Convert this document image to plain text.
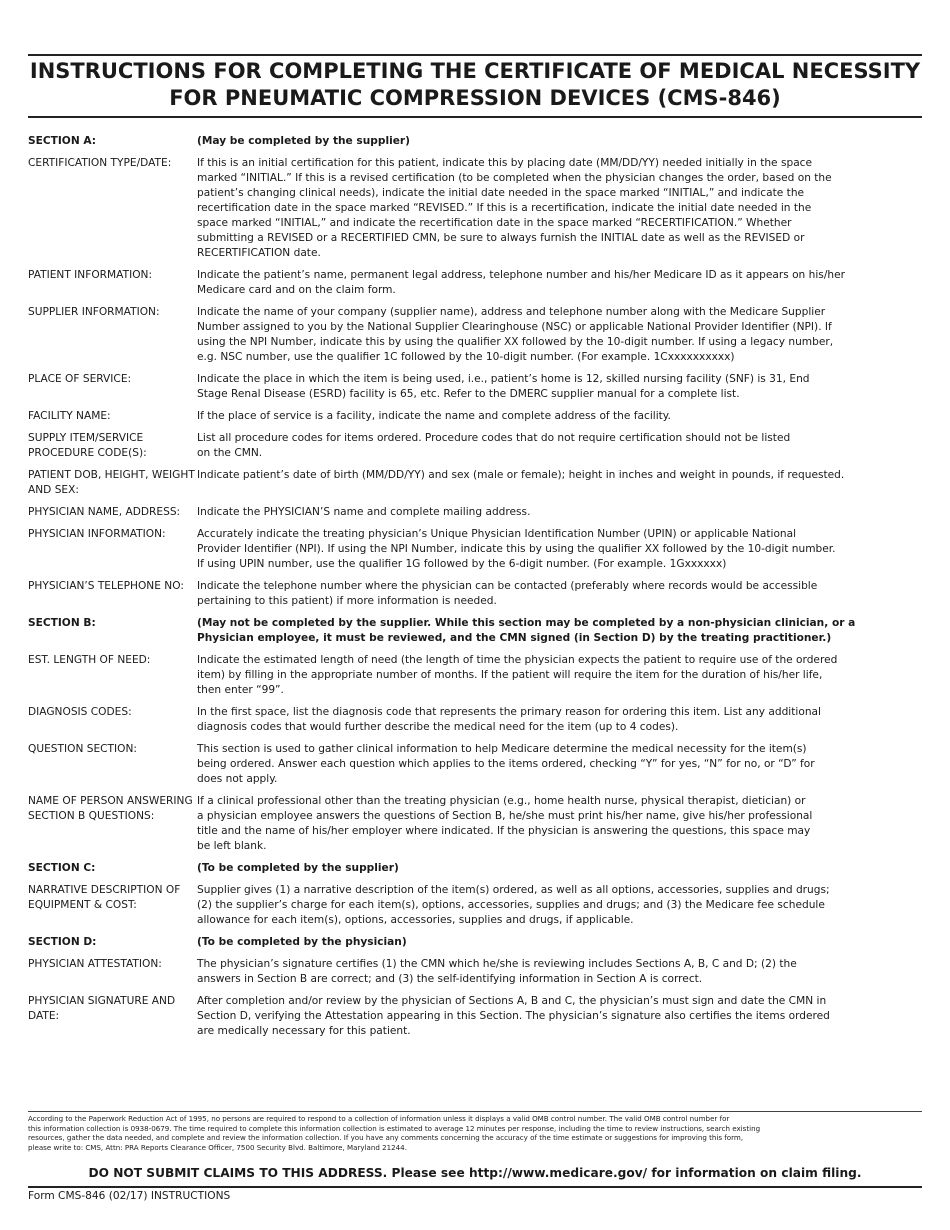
INSTRUCTIONS FOR COMPLETING THE CERTIFICATE OF MEDICAL NECESSITY
FOR PNEUMATIC COMPRESSION DEVICES (CMS-846)
SECTION A:	(May be completed by the supplier)
CERTIFICATION TYPE/DATE:	If this is an initial certification for this patient, indicate this by placing date (MM/DD/YY) needed initially in the space
marked “INITIAL.” If this is a revised certification (to be completed when the physician changes the order, based on the
patient’s changing clinical needs), indicate the initial date needed in the space marked “INITIAL,” and indicate the
recertification date in the space marked “REVISED.” If this is a recertification, indicate the initial date needed in the
space marked “INITIAL,” and indicate the recertification date in the space marked “RECERTIFICATION.” Whether
submitting a REVISED or a RECERTIFIED CMN, be sure to always furnish the INITIAL date as well as the REVISED or
RECERTIFICATION date.
PATIENT INFORMATION:	Indicate the patient’s name, permanent legal address, telephone number and his/her Medicare ID as it appears on his/her
Medicare card and on the claim form.
SUPPLIER INFORMATION:	Indicate the name of your company (supplier name), address and telephone number along with the Medicare Supplier
Number assigned to you by the National Supplier Clearinghouse (NSC) or applicable National Provider Identifier (NPI). If
using the NPI Number, indicate this by using the qualifier XX followed by the 10-digit number. If using a legacy number,
e.g. NSC number, use the qualifier 1C followed by the 10-digit number. (For example. 1Cxxxxxxxxxx)
PLACE OF SERVICE:	Indicate the place in which the item is being used, i.e., patient’s home is 12, skilled nursing facility (SNF) is 31, End
Stage Renal Disease (ESRD) facility is 65, etc. Refer to the DMERC supplier manual for a complete list.
FACILITY NAME:	If the place of service is a facility, indicate the name and complete address of the facility.
SUPPLY ITEM/SERVICE PROCEDURE CODE(S):
List all procedure codes for items ordered. Procedure codes that do not require certification should not be listed
on the CMN.
PATIENT DOB, HEIGHT, WEIGHT AND SEX:
Indicate patient’s date of birth (MM/DD/YY) and sex (male or female); height in inches and weight in pounds, if requested.
PHYSICIAN NAME, ADDRESS:	Indicate the PHYSICIAN’S name and complete mailing address.
PHYSICIAN INFORMATION:	Accurately indicate the treating physician’s Unique Physician Identification Number (UPIN) or applicable National
Provider Identifier (NPI). If using the NPI Number, indicate this by using the qualifier XX followed by the 10-digit number.
If using UPIN number, use the qualifier 1G followed by the 6-digit number. (For example. 1Gxxxxxx)
PHYSICIAN’S TELEPHONE NO:	Indicate the telephone number where the physician can be contacted (preferably where records would be accessible
pertaining to this patient) if more information is needed.
SECTION B:	(May not be completed by the supplier. While this section may be completed by a non-physician clinician, or a
Physician employee, it must be reviewed, and the CMN signed (in Section D) by the treating practitioner.)
EST. LENGTH OF NEED:	Indicate the estimated length of need (the length of time the physician expects the patient to require use of the ordered
item) by filling in the appropriate number of months. If the patient will require the item for the duration of his/her life,
then enter “99”.
DIAGNOSIS CODES:	In the first space, list the diagnosis code that represents the primary reason for ordering this item. List any additional
diagnosis codes that would further describe the medical need for the item (up to 4 codes).
QUESTION SECTION:	This section is used to gather clinical information to help Medicare determine the medical necessity for the item(s)
being ordered. Answer each question which applies to the items ordered, checking “Y” for yes, “N” for no, or “D” for
does not apply.
NAME OF PERSON ANSWERING SECTION B QUESTIONS:
If a clinical professional other than the treating physician (e.g., home health nurse, physical therapist, dietician) or
a physician employee answers the questions of Section B, he/she must print his/her name, give his/her professional
title and the name of his/her employer where indicated. If the physician is answering the questions, this space may
be left blank.
SECTION C:	(To be completed by the supplier)
NARRATIVE DESCRIPTION OF EQUIPMENT & COST:
Supplier gives (1) a narrative description of the item(s) ordered, as well as all options, accessories, supplies and drugs;
(2) the supplier’s charge for each item(s), options, accessories, supplies and drugs; and (3) the Medicare fee schedule
allowance for each item(s), options, accessories, supplies and drugs, if applicable.
SECTION D:	(To be completed by the physician)
PHYSICIAN ATTESTATION:	The physician’s signature certifies (1) the CMN which he/she is reviewing includes Sections A, B, C and D; (2) the
answers in Section B are correct; and (3) the self-identifying information in Section A is correct.
PHYSICIAN SIGNATURE AND DATE:
After completion and/or review by the physician of Sections A, B and C, the physician’s must sign and date the CMN in
Section D, verifying the Attestation appearing in this Section. The physician’s signature also certifies the items ordered
are medically necessary for this patient.
According to the Paperwork Reduction Act of 1995, no persons are required to respond to a collection of information unless it displays a valid OMB control number. The valid OMB control number for
this information collection is 0938-0679. The time required to complete this information collection is estimated to average 12 minutes per response, including the time to review instructions, search existing
resources, gather the data needed, and complete and review the information collection. If you have any comments concerning the accuracy of the time estimate or suggestions for improving this form,
please write to: CMS, Attn: PRA Reports Clearance Officer, 7500 Security Blvd. Baltimore, Maryland 21244.
DO NOT SUBMIT CLAIMS TO THIS ADDRESS. Please see http://www.medicare.gov/ for information on claim filing.
Form CMS-846 (02/17) INSTRUCTIONS
